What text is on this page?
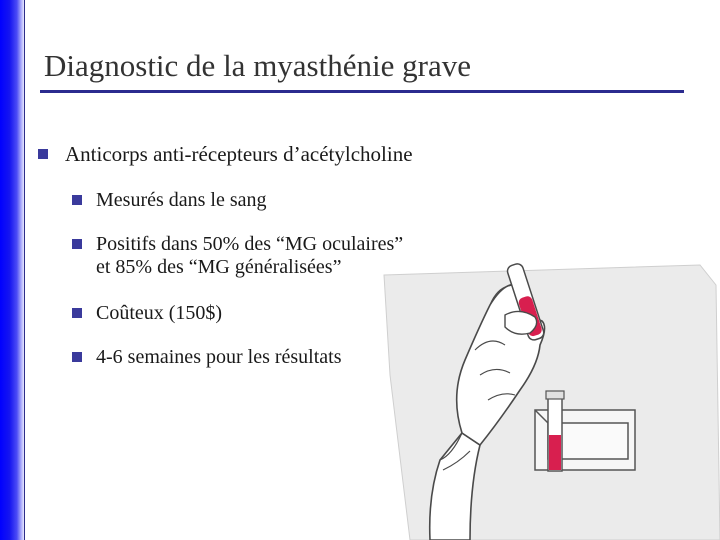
Diagnostic de la myasthénie grave
Anticorps anti-récepteurs d’acétylcholine
Mesurés dans le sang
Positifs dans 50% des “MG oculaires”
et 85% des “MG généralisées”
Coûteux (150$)
4-6 semaines pour les résultats
